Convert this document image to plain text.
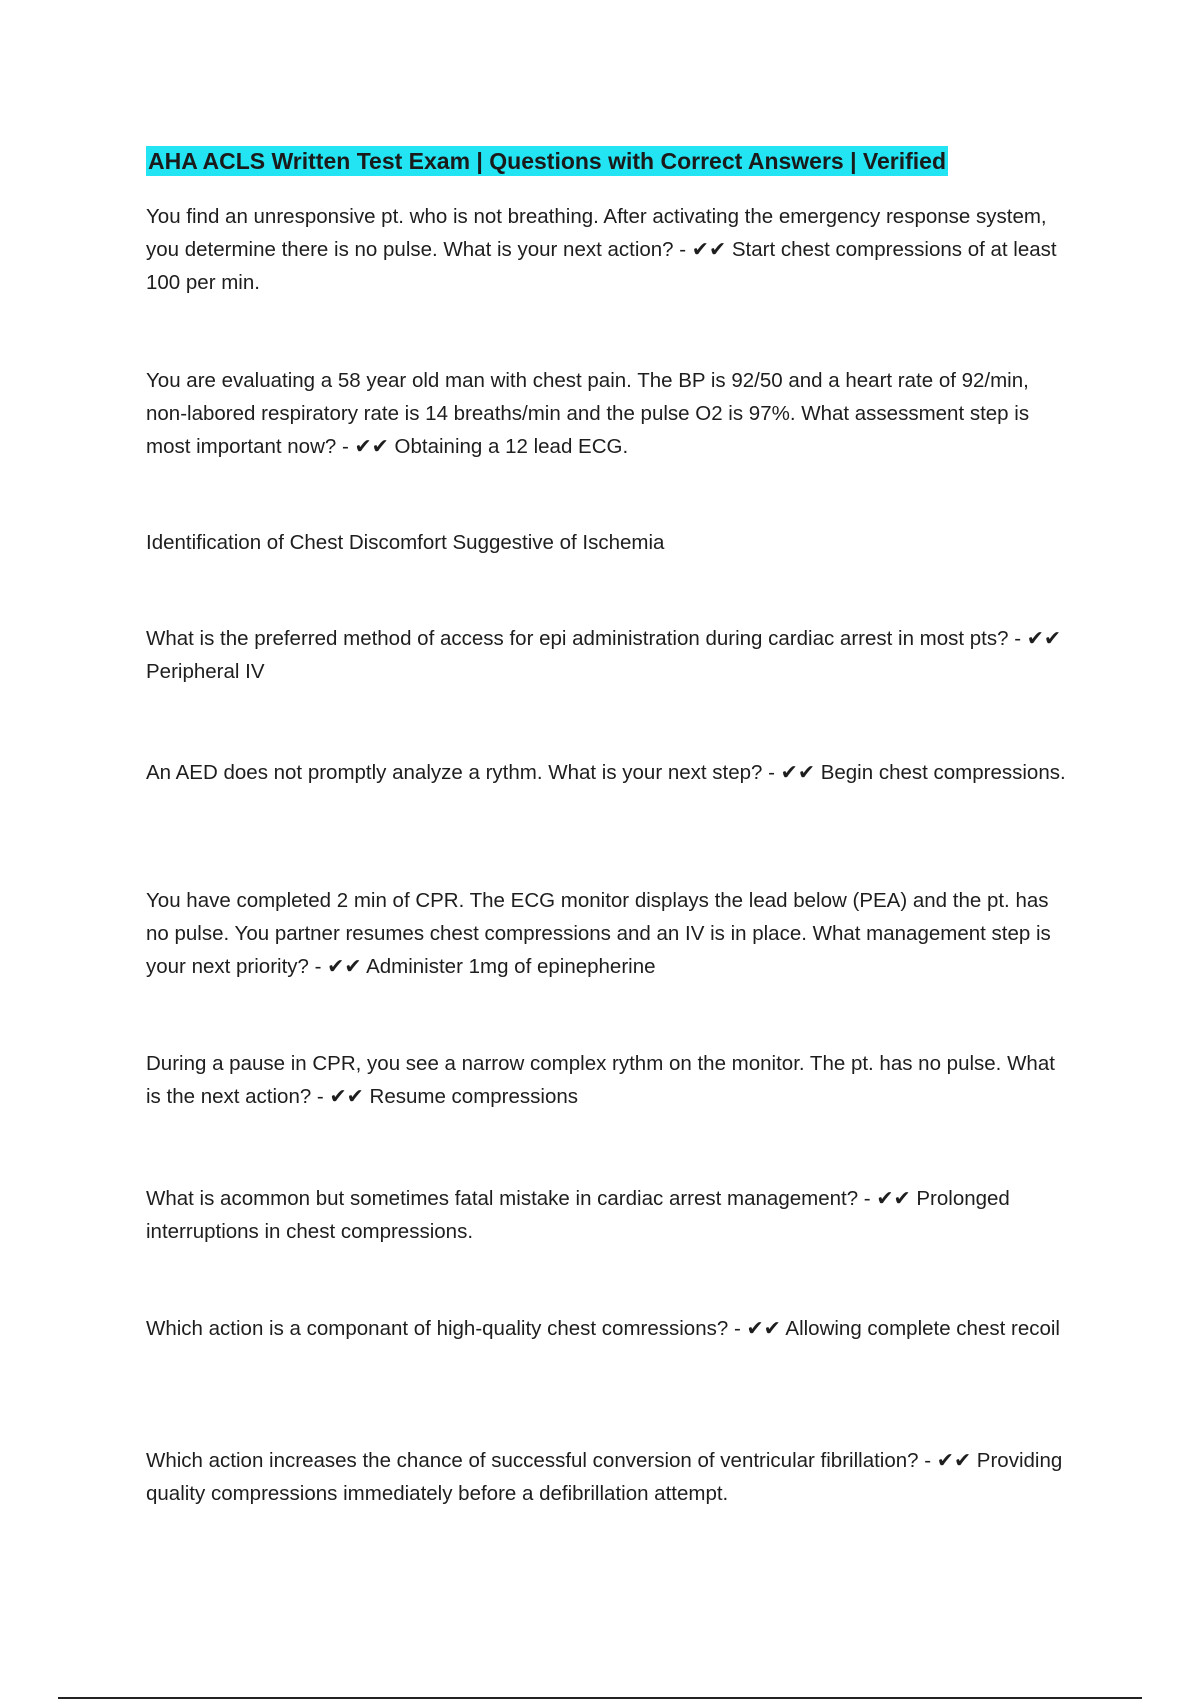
AHA ACLS Written Test Exam | Questions with Correct Answers | Verified

You find an unresponsive pt. who is not breathing. After activating the emergency response system, you determine there is no pulse. What is your next action? - ✔✔ Start chest compressions of at least 100 per min.

You are evaluating a 58 year old man with chest pain. The BP is 92/50 and a heart rate of 92/min, non-labored respiratory rate is 14 breaths/min and the pulse O2 is 97%. What assessment step is most important now? - ✔✔ Obtaining a 12 lead ECG.

Identification of Chest Discomfort Suggestive of Ischemia

What is the preferred method of access for epi administration during cardiac arrest in most pts? - ✔✔ Peripheral IV

An AED does not promptly analyze a rythm. What is your next step? - ✔✔ Begin chest compressions.

You have completed 2 min of CPR. The ECG monitor displays the lead below (PEA) and the pt. has no pulse. You partner resumes chest compressions and an IV is in place. What management step is your next priority? - ✔✔ Administer 1mg of epinepherine

During a pause in CPR, you see a narrow complex rythm on the monitor. The pt. has no pulse. What is the next action? - ✔✔ Resume compressions

What is acommon but sometimes fatal mistake in cardiac arrest management? - ✔✔ Prolonged interruptions in chest compressions.

Which action is a componant of high-quality chest comressions? - ✔✔ Allowing complete chest recoil

Which action increases the chance of successful conversion of ventricular fibrillation? - ✔✔ Providing quality compressions immediately before a defibrillation attempt.
